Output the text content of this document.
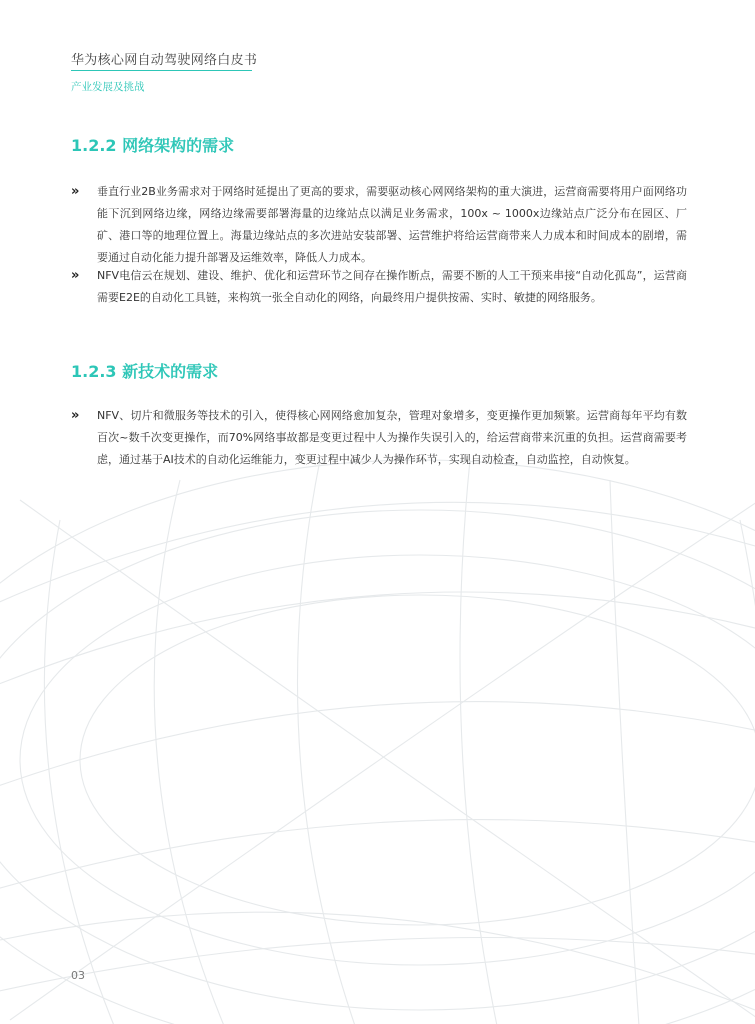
华为核心网自动驾驶网络白皮书
产业发展及挑战
1.2.2 网络架构的需求
» 垂直行业2B业务需求对于网络时延提出了更高的要求，需要驱动核心网网络架构的重大演进，运营商需要将用户面网络功能下沉到网络边缘，网络边缘需要部署海量的边缘站点以满足业务需求，100x ~ 1000x边缘站点广泛分布在园区、厂矿、港口等的地理位置上。海量边缘站点的多次进站安装部署、运营维护将给运营商带来人力成本和时间成本的剧增，需要通过自动化能力提升部署及运维效率，降低人力成本。
» NFV电信云在规划、建设、维护、优化和运营环节之间存在操作断点，需要不断的人工干预来串接“自动化孤岛”，运营商需要E2E的自动化工具链，来构筑一张全自动化的网络，向最终用户提供按需、实时、敏捷的网络服务。
1.2.3 新技术的需求
» NFV、切片和微服务等技术的引入，使得核心网网络愈加复杂，管理对象增多，变更操作更加频繁。运营商每年平均有数百次~数千次变更操作，而70%网络事故都是变更过程中人为操作失误引入的，给运营商带来沉重的负担。运营商需要考虑，通过基于AI技术的自动化运维能力，变更过程中减少人为操作环节，实现自动检查，自动监控，自动恢复。
03
